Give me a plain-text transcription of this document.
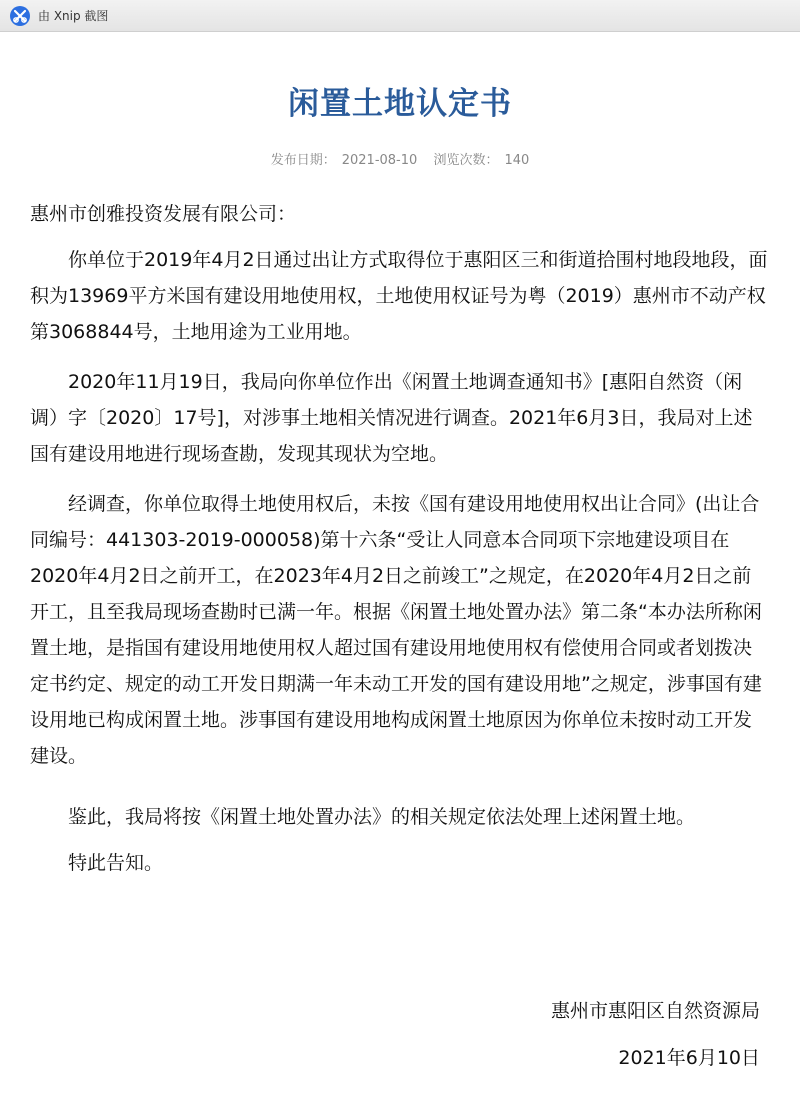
由 Xnip 截图
闲置土地认定书
发布日期： 2021-08-10 浏览次数： 140
惠州市创雅投资发展有限公司：
你单位于2019年4月2日通过出让方式取得位于惠阳区三和街道拾围村地段地段，面积为13969平方米国有建设用地使用权，土地使用权证号为粤（2019）惠州市不动产权第3068844号，土地用途为工业用地。
2020年11月19日，我局向你单位作出《闲置土地调查通知书》[惠阳自然资（闲调）字〔2020〕17号]，对涉事土地相关情况进行调查。2021年6月3日，我局对上述国有建设用地进行现场查勘，发现其现状为空地。
经调查，你单位取得土地使用权后，未按《国有建设用地使用权出让合同》(出让合同编号：441303-2019-000058)第十六条“受让人同意本合同项下宗地建设项目在2020年4月2日之前开工，在2023年4月2日之前竣工”之规定，在2020年4月2日之前开工，且至我局现场查勘时已满一年。根据《闲置土地处置办法》第二条“本办法所称闲置土地，是指国有建设用地使用权人超过国有建设用地使用权有偿使用合同或者划拨决定书约定、规定的动工开发日期满一年未动工开发的国有建设用地”之规定，涉事国有建设用地已构成闲置土地。涉事国有建设用地构成闲置土地原因为你单位未按时动工开发建设。
鉴此，我局将按《闲置土地处置办法》的相关规定依法处理上述闲置土地。
特此告知。
惠州市惠阳区自然资源局
2021年6月10日
